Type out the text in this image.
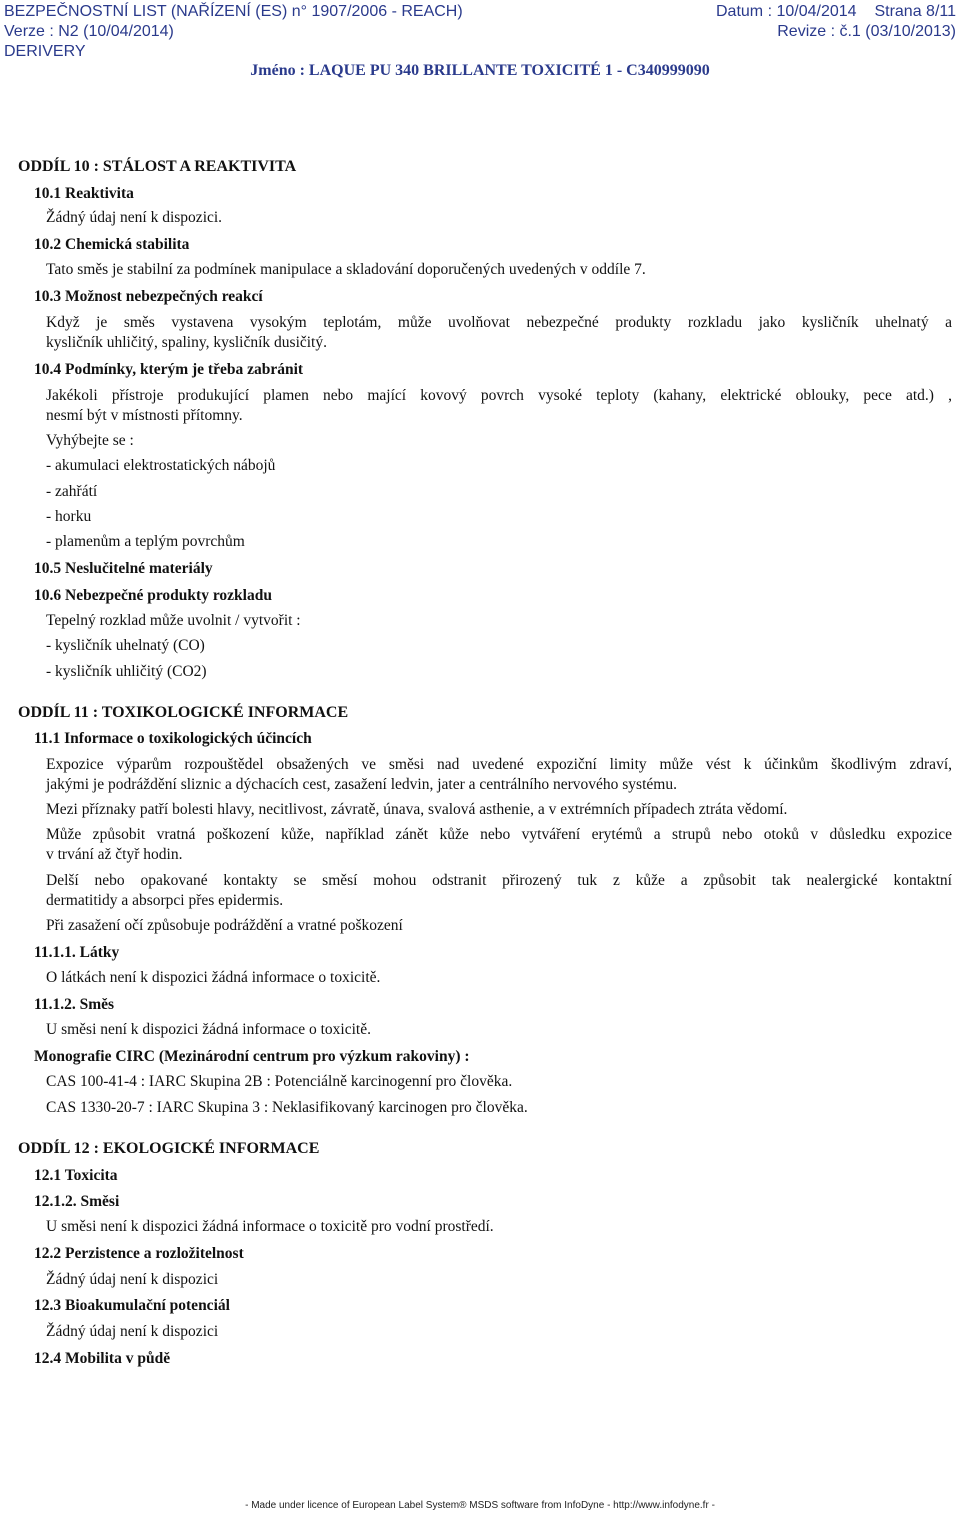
BEZPEČNOSTNÍ LIST (NAŘÍZENÍ (ES) n° 1907/2006 - REACH)	Datum : 10/04/2014 Strana 8/11
Verze : N2 (10/04/2014)	Revize : č.1 (03/10/2013)
DERIVERY
Jméno : LAQUE PU 340 BRILLANTE TOXICITÉ 1 - C340999090
ODDÍL 10 : STÁLOST A REAKTIVITA
10.1 Reaktivita
Žádný údaj není k dispozici.
10.2 Chemická stabilita
Tato směs je stabilní za podmínek manipulace a skladování doporučených uvedených v oddíle 7.
10.3 Možnost nebezpečných reakcí
Když je směs vystavena vysokým teplotám, může uvolňovat nebezpečné produkty rozkladu jako kysličník uhelnatý a
kysličník uhličitý, spaliny, kysličník dusičitý.
10.4 Podmínky, kterým je třeba zabránit
Jakékoli přístroje produkující plamen nebo mající kovový povrch vysoké teploty (kahany, elektrické oblouky, pece atd.) ,
nesmí být v místnosti přítomny.
Vyhýbejte se :
- akumulaci elektrostatických nábojů
- zahřátí
- horku
- plamenům a teplým povrchům
10.5 Neslučitelné materiály
10.6 Nebezpečné produkty rozkladu
Tepelný rozklad může uvolnit / vytvořit :
- kysličník uhelnatý (CO)
- kysličník uhličitý (CO2)
ODDÍL 11 : TOXIKOLOGICKÉ INFORMACE
11.1 Informace o toxikologických účincích
Expozice výparům rozpouštědel obsažených ve směsi nad uvedené expoziční limity může vést k účinkům škodlivým zdraví,
jakými je podráždění sliznic a dýchacích cest, zasažení ledvin, jater a centrálního nervového systému.
Mezi příznaky patří bolesti hlavy, necitlivost, závratě, únava, svalová asthenie, a v extrémních případech ztráta vědomí.
Může způsobit vratná poškození kůže, například zánět kůže nebo vytváření erytémů a strupů nebo otoků v důsledku expozice
v trvání až čtyř hodin.
Delší nebo opakované kontakty se směsí mohou odstranit přirozený tuk z kůže a způsobit tak nealergické kontaktní
dermatitidy a absorpci přes epidermis.
Při zasažení očí způsobuje podráždění a vratné poškození
11.1.1. Látky
O látkách není k dispozici žádná informace o toxicitě.
11.1.2. Směs
U směsi není k dispozici žádná informace o toxicitě.
Monografie CIRC (Mezinárodní centrum pro výzkum rakoviny) :
CAS 100-41-4 : IARC Skupina 2B : Potenciálně karcinogenní pro člověka.
CAS 1330-20-7 : IARC Skupina 3 : Neklasifikovaný karcinogen pro člověka.
ODDÍL 12 : EKOLOGICKÉ INFORMACE
12.1 Toxicita
12.1.2. Směsi
U směsi není k dispozici žádná informace o toxicitě pro vodní prostředí.
12.2 Perzistence a rozložitelnost
Žádný údaj není k dispozici
12.3 Bioakumulační potenciál
Žádný údaj není k dispozici
12.4 Mobilita v půdě
- Made under licence of European Label System® MSDS software from InfoDyne - http://www.infodyne.fr -
